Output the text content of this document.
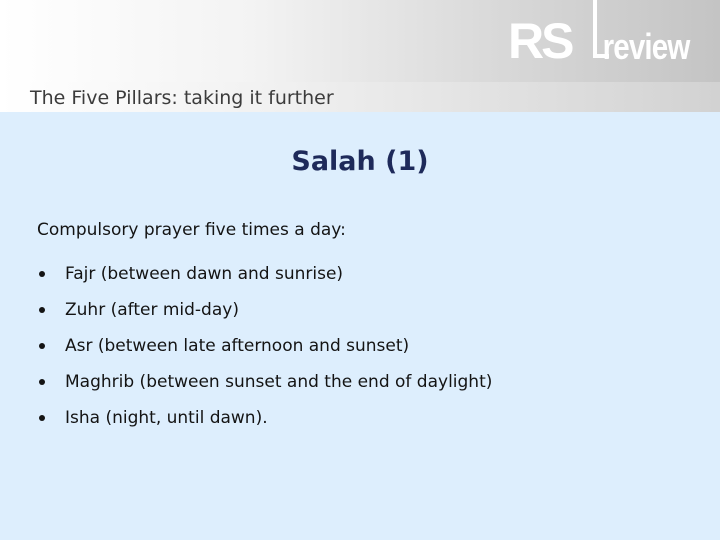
RS review
The Five Pillars: taking it further
Salah (1)
Compulsory prayer five times a day:
Fajr (between dawn and sunrise)
Zuhr (after mid-day)
Asr (between late afternoon and sunset)
Maghrib (between sunset and the end of daylight)
Isha (night, until dawn).
